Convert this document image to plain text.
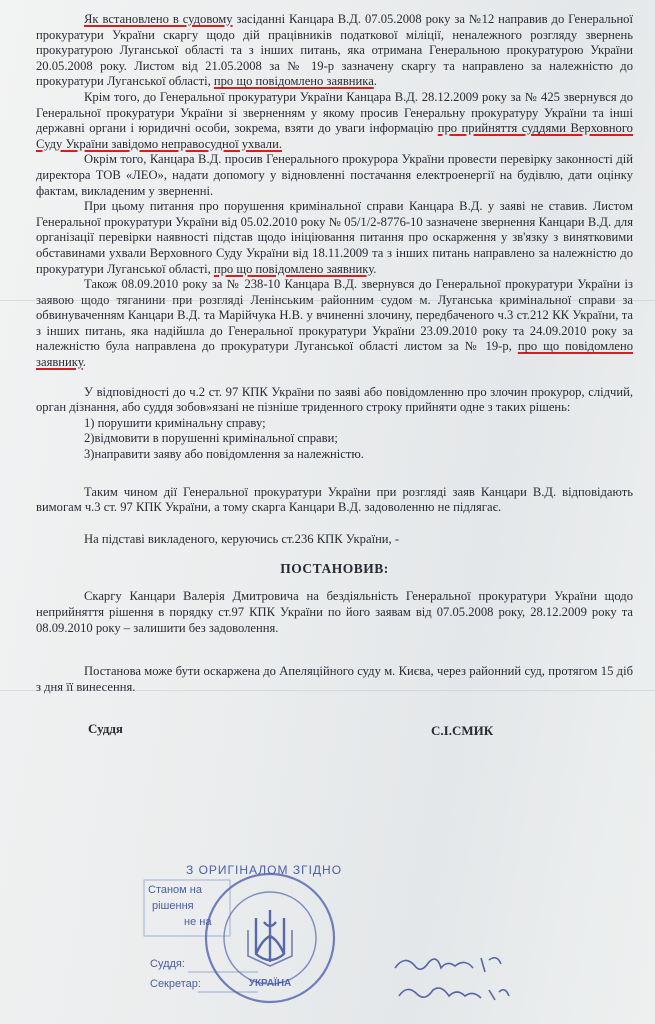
Як встановлено в судовому засіданні Канцара В.Д. 07.05.2008 року за №12 направив до Генеральної прокуратури України скаргу щодо дій працівників податкової міліції, неналежного розгляду звернень прокуратурою Луганської області та з інших питань, яка отримана Генеральною прокуратурою України 20.05.2008 року. Листом від 21.05.2008 за № 19-р зазначену скаргу та направлено за належністю до прокуратури Луганської області, про що повідомлено заявника.

Крім того, до Генеральної прокуратури України Канцара В.Д. 28.12.2009 року за № 425 звернувся до Генеральної прокуратури України зі зверненням у якому просив Генеральну прокуратуру України та інші державні органи і юридичні особи, зокрема, взяти до уваги інформацію про прийняття суддями Верховного Суду України завідомо неправосудної ухвали.

Окрім того, Канцара В.Д. просив Генерального прокурора України провести перевірку законності дій директора ТОВ «ЛЕО», надати допомогу у відновленні постачання електроенергії на будівлю, дати оцінку фактам, викладеним у зверненні.

При цьому питання про порушення кримінальної справи Канцара В.Д. у заяві не ставив. Листом Генеральної прокуратури України від 05.02.2010 року № 05/1/2-8776-10 зазначене звернення Канцари В.Д. для організації перевірки наявності підстав щодо ініціювання питання про оскарження у зв'язку з винятковими обставинами ухвали Верховного Суду України від 18.11.2009 та з інших питань направлено за належністю до прокуратури Луганської області, про що повідомлено заявнику.

Також 08.09.2010 року за № 238-10 Канцара В.Д. звернувся до Генеральної прокуратури України із заявою щодо тяганини при розгляді Ленінським районним судом м. Луганська кримінальної справи за обвинуваченням Канцари В.Д. та Марійчука Н.В. у вчиненні злочину, передбаченого ч.3 ст.212 КК України, та з інших питань, яка надійшла до Генеральної прокуратури України 23.09.2010 року та 24.09.2010 року за належністю була направлена до прокуратури Луганської області листом за № 19-р, про що повідомлено заявнику.

У відповідності до ч.2 ст. 97 КПК України по заяві або повідомленню про злочин прокурор, слідчий, орган дізнання, або суддя зобов»язані не пізніше триденного строку прийняти одне з таких рішень:

1) порушити кримінальну справу;
2)відмовити в порушенні кримінальної справи;
3)направити заяву або повідомлення за належністю.

Таким чином дії Генеральної прокуратури України при розгляді заяв Канцари В.Д. відповідають вимогам ч.3 ст. 97 КПК України, а тому скарга Канцари В.Д. задоволенню не підлягає.

На підставі викладеного, керуючись ст.236 КПК України, -

ПОСТАНОВИВ:

Скаргу Канцари Валерія Дмитровича на бездіяльність Генеральної прокуратури України щодо неприйняття рішення в порядку ст.97 КПК України по його заявам від 07.05.2008 року, 28.12.2009 року та 08.09.2010 року – залишити без задоволення.

Постанова може бути оскаржена до Апеляційного суду м. Києва, через районний суд, протягом 15 діб з дня її винесення.

Суддя	С.І.СМИК
З ОРИГІНАЛОМ ЗГІДНО
Станом на
рішення
не на
Суддя:
Секретар:	УКРАЇНА
